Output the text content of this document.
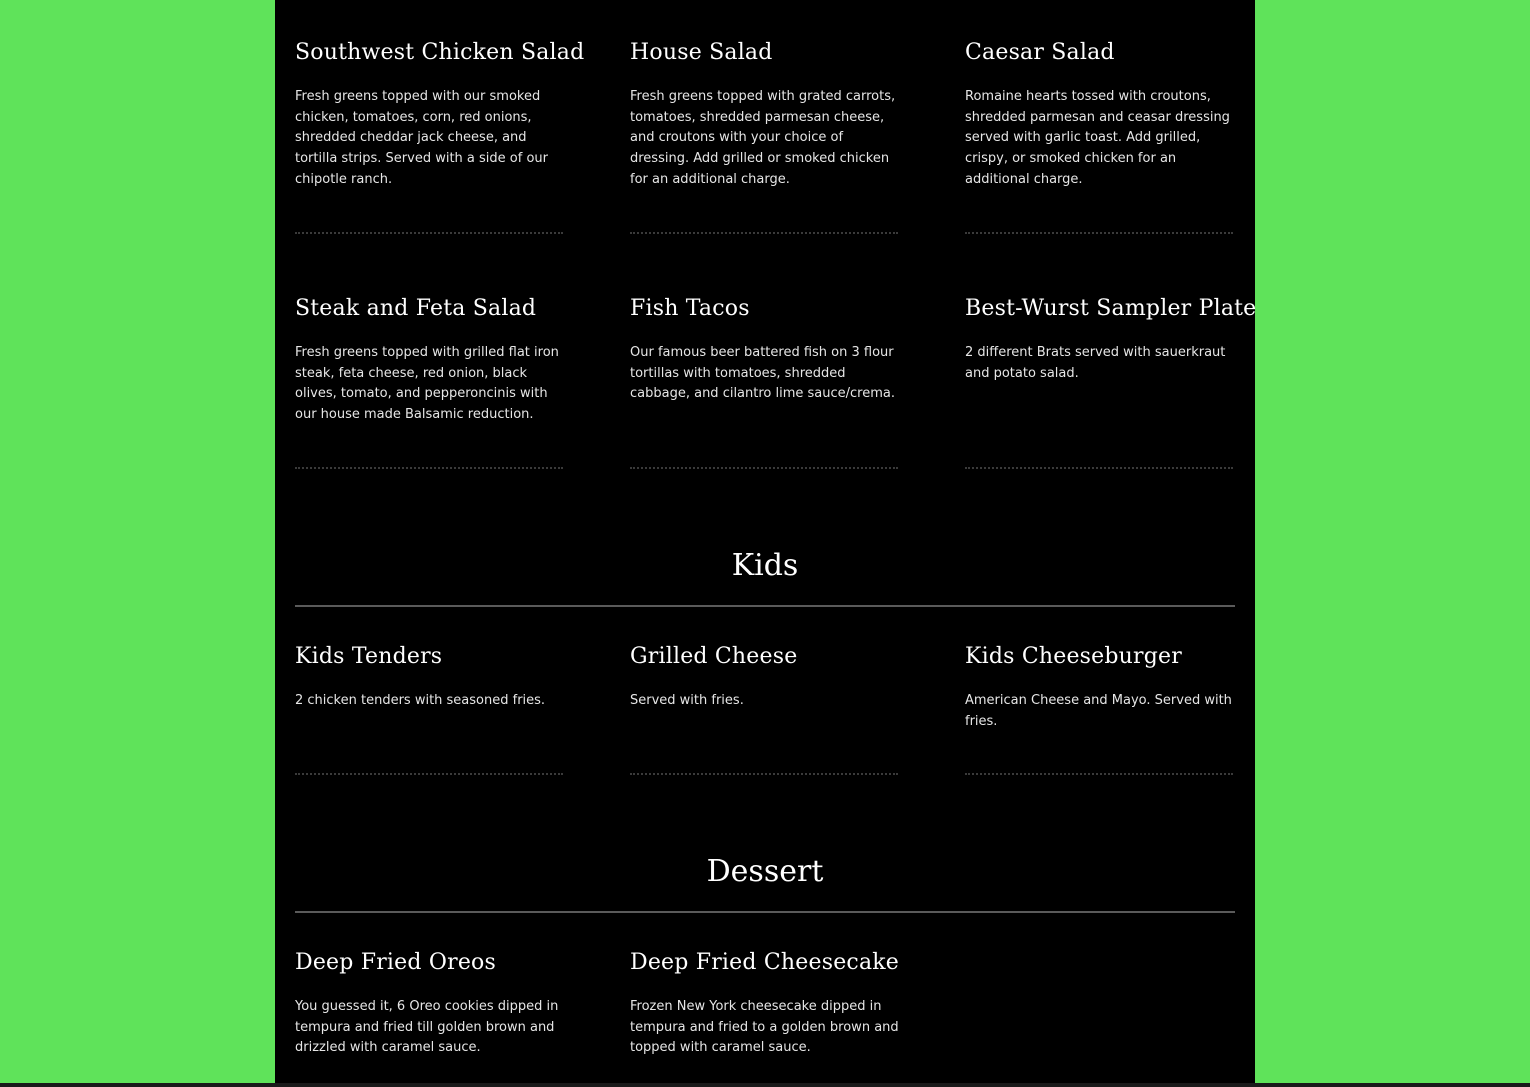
Southwest Chicken Salad
Fresh greens topped with our smoked chicken, tomatoes, corn, red onions, shredded cheddar jack cheese, and tortilla strips. Served with a side of our chipotle ranch.
House Salad
Fresh greens topped with grated carrots, tomatoes, shredded parmesan cheese, and croutons with your choice of dressing. Add grilled or smoked chicken for an additional charge.
Caesar Salad
Romaine hearts tossed with croutons, shredded parmesan and ceasar dressing served with garlic toast. Add grilled, crispy, or smoked chicken for an additional charge.
Steak and Feta Salad
Fresh greens topped with grilled flat iron steak, feta cheese, red onion, black olives, tomato, and pepperoncinis with our house made Balsamic reduction.
Fish Tacos
Our famous beer battered fish on 3 flour tortillas with tomatoes, shredded cabbage, and cilantro lime sauce/crema.
Best-Wurst Sampler Plate
2 different Brats served with sauerkraut and potato salad.
Kids
Kids Tenders
2 chicken tenders with seasoned fries.
Grilled Cheese
Served with fries.
Kids Cheeseburger
American Cheese and Mayo. Served with fries.
Dessert
Deep Fried Oreos
You guessed it, 6 Oreo cookies dipped in tempura and fried till golden brown and drizzled with caramel sauce.
Deep Fried Cheesecake
Frozen New York cheesecake dipped in tempura and fried to a golden brown and topped with caramel sauce.
